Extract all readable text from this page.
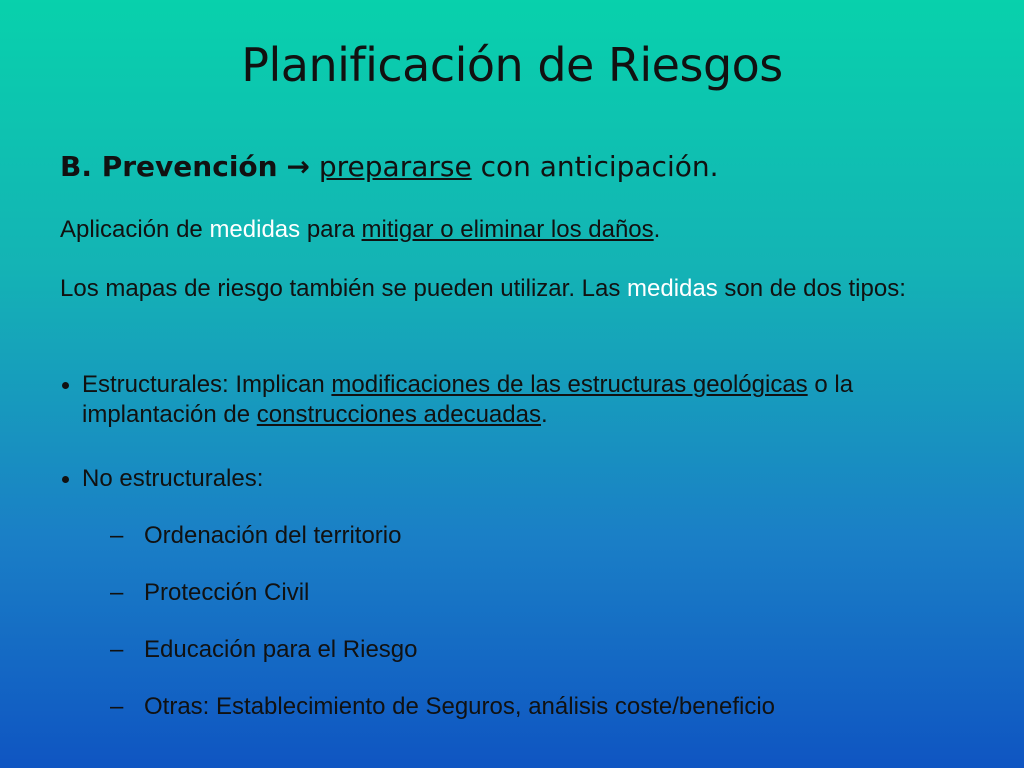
Planificación de Riesgos
B. Prevención → prepararse con anticipación.
Aplicación de medidas para mitigar o eliminar los daños.
Los mapas de riesgo también se pueden utilizar. Las medidas son de dos tipos:
Estructurales: Implican modificaciones de las estructuras geológicas o la implantación de construcciones adecuadas.
No estructurales:
– Ordenación del territorio
– Protección Civil
– Educación para el Riesgo
– Otras: Establecimiento de Seguros, análisis coste/beneficio
